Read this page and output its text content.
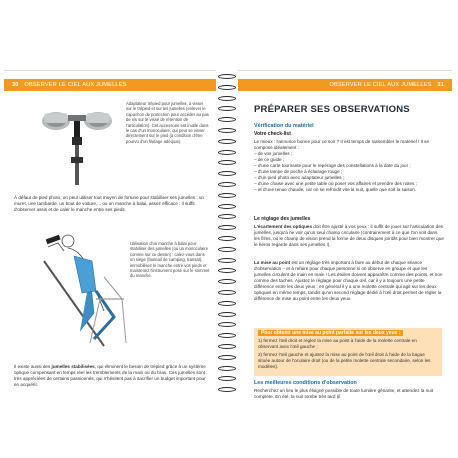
30 OBSERVER LE CIEL AUX JUMELLES
Adaptateur trépied pour jumelles, à visser sur le trépied et sur les jumelles (enlever le capuchon de protection pour accéder au pas de vis sur le vissé de rétention de l'articulation). Cet accessoire est inutile dans le cas d'un monoculaire, qui peut se visser directement sur le pied (à condition d'être pourvu d'un filetage adéquat).
À défaut de pied photo, on peut utiliser tout moyen de fortune pour stabiliser ses jumelles : un muret, une tambarde, un bout de voiture,... ou un manche à balai, assez efficace : il suffit d'observer assis et de caler le manche entre ses pieds.
Utilisation d'un manche à balai pour stabiliser des jumelles (ou un monoculaire comme sur ce dessin) : calez-vous dans un siège (fauteuil de camping, transat), immobilisez le manche entre vos pieds et maintenez l'instrument posé sur le sommet du manche.
Il existe aussi des jumelles stabilisées, qui éliminent le besoin de trépied grâce à un système optique compensant en temps réel les tremblements de la main ou du bras. Ces jumelles sont très appréciées de certains passionnés, qui n'hésitent pas à sacrifier un budget important pour en acquérir.
OBSERVER LE CIEL AUX JUMELLES 31
PRÉPARER SES OBSERVATIONS
Vérification du matériel
Votre check-list
Le mieux : l'annonce bonne pour ce soir ? Il est temps de rassembler le matériel ! Il se compose idéalement :
– de vos jumelles ;
– de ce guide ;
– d'une carte tournante pour le repérage des constellations à la date du jour ;
– d'une lampe de poche à éclairage rouge ;
– d'un pied photo avec adaptateur jumelles ;
– d'une chaise avec une petite table où poser vos affaires et prendre des notes ;
– et d'une tenue chaude, car on se refroidit vite la nuit, quelle que soit la saison.
Le réglage des jumelles
L'écartement des optiques doit être ajusté à vos yeux : il suffit de jouer sur l'articulation des jumelles, jusqu'à ne voir qu'un seul champ circulaire (contrairement à ce que l'on voit dans les films, où le champ de vision prend la forme de deux disques jointifs pour bien montrer que le héros regarde dans ses jumelles !).
La mise au point est un réglage très important à faire au début de chaque séance d'observation – et à refaire pour chaque personne si on observe en groupe et que les jumelles circulent de main en main ! Les étoiles doivent apparaître comme des points, et non comme des taches. Ajustez le réglage pour chaque œil, car il y a toujours une petite différence entre les deux yeux : en général il y a une molette centrale qui agit sur les deux optiques en même temps, tandis qu'un second réglage dédié à l'œil droit permet de régler la différence de mise au point entre les deux yeux.
Pour obtenir une mise au point parfaite sur les deux yeux :
1) fermez l'œil droit et réglez la mise au point à l'aide de la molette centrale en observant avec l'œil gauche ;
2) fermez l'œil gauche et ajustez la mise au point de l'œil droit à l'aide de la bague située autour de l'oculaire droit (ou de la petite molette centrale secondaire, selon les modèles).
Les meilleures conditions d'observation
Recherchez un lieu le plus éloigné possible de toute lumière gênante, et attendez la nuit complète. En été, la nuit tombe très tard (il
